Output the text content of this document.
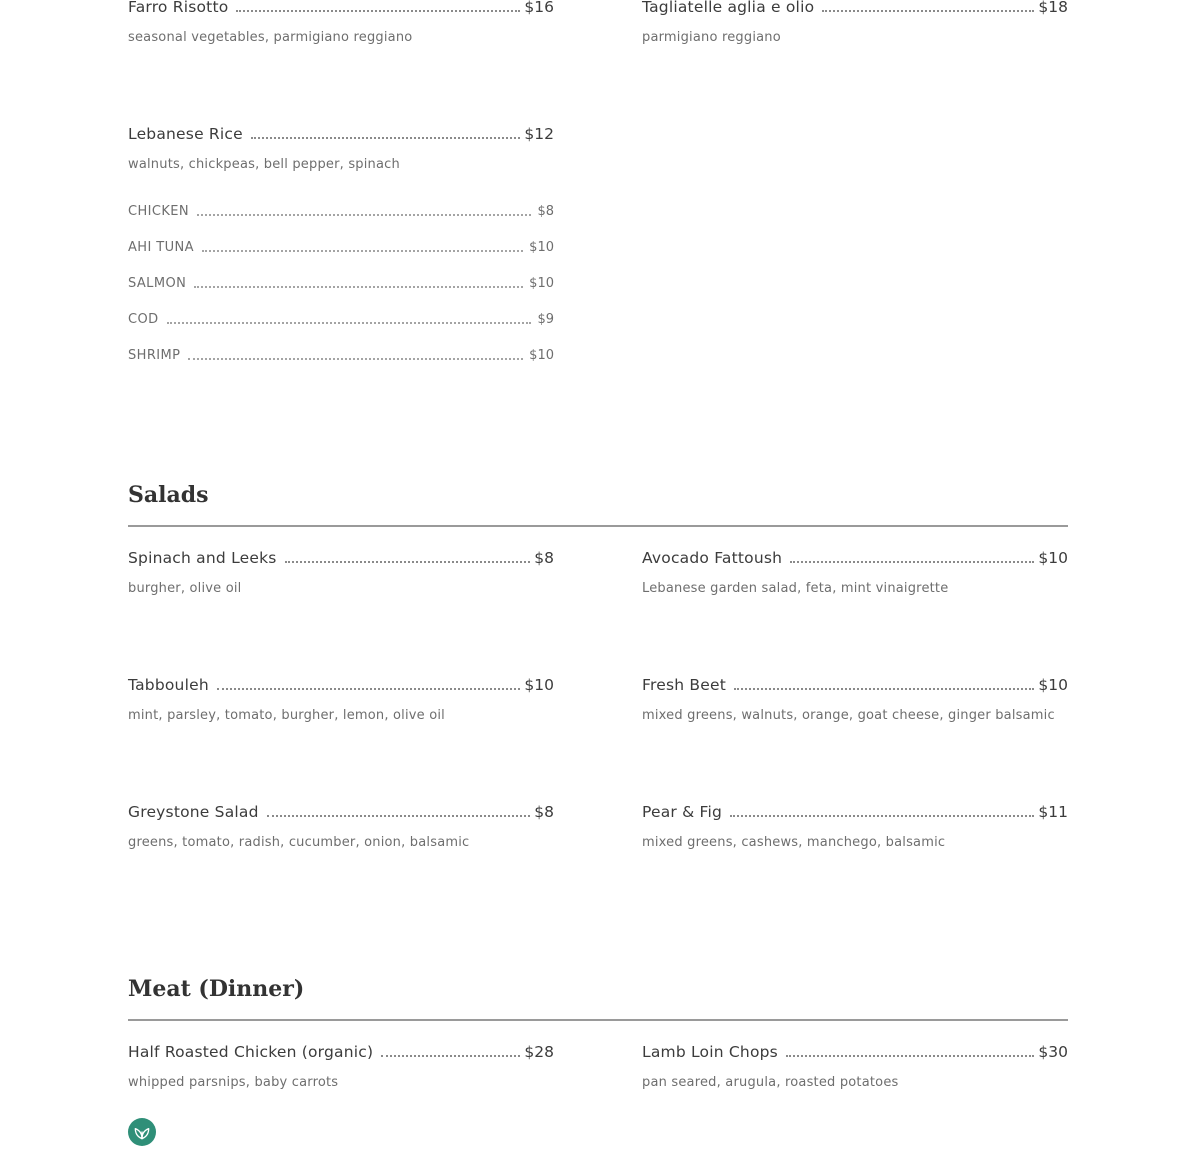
Farro Risotto	$16
seasonal vegetables, parmigiano reggiano
Tagliatelle aglia e olio	$18
parmigiano reggiano
Lebanese Rice	$12
walnuts, chickpeas, bell pepper, spinach
CHICKEN	$8
AHI TUNA	$10
SALMON	$10
COD	$9
SHRIMP	$10
Salads
Spinach and Leeks	$8
burgher, olive oil
Avocado Fattoush	$10
Lebanese garden salad, feta, mint vinaigrette
Tabbouleh	$10
mint, parsley, tomato, burgher, lemon, olive oil
Fresh Beet	$10
mixed greens, walnuts, orange, goat cheese, ginger balsamic
Greystone Salad	$8
greens, tomato, radish, cucumber, onion, balsamic
Pear & Fig	$11
mixed greens, cashews, manchego, balsamic
Meat (Dinner)
Half Roasted Chicken (organic)	$28
whipped parsnips, baby carrots
Lamb Loin Chops	$30
pan seared, arugula, roasted potatoes
